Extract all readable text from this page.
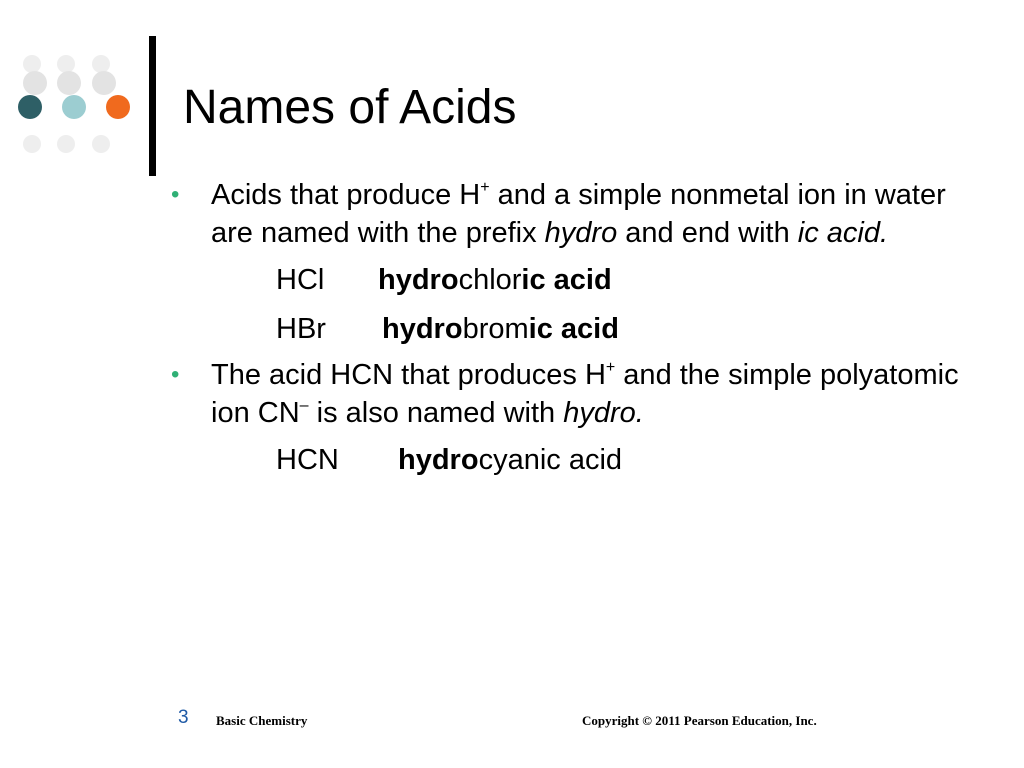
Names of Acids
• Acids that produce H+ and a simple nonmetal ion in water are named with the prefix hydro and end with ic acid.
HCl hydrochloric acid
HBr hydrobromic acid
• The acid HCN that produces H+ and the simple polyatomic ion CN– is also named with hydro.
HCN hydrocyanic acid
3 Basic Chemistry	Copyright © 2011 Pearson Education, Inc.
